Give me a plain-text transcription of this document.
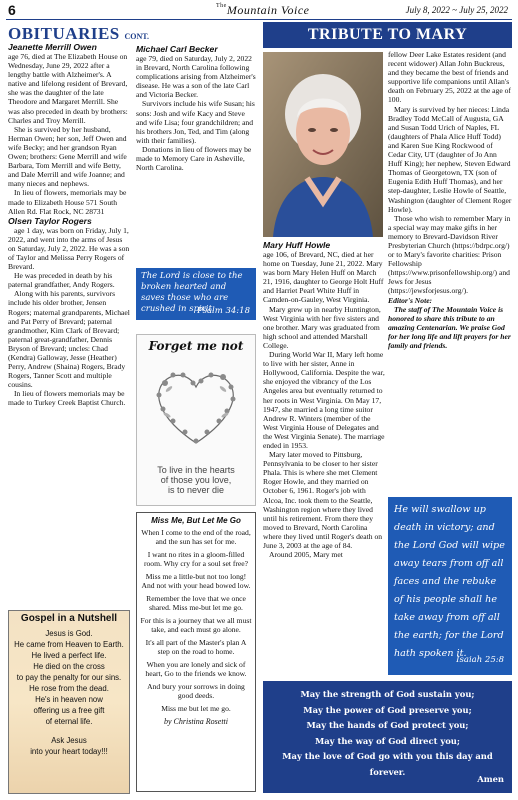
6	$^{The}$Mountain Voice	July 8, 2022 ~ July 25, 2022
OBITUARIES CONT.
Jeanette Merrill Owen

age 76, died at The Elizabeth House on Wednesday, June 29, 2022 after a lengthy battle with Alzheimer's. A native and lifelong resident of Brevard, she was the daughter of the late Theodore and Margaret Merrill. She was also preceded in death by brothers: Charles and Troy Merrill.

She is survived by her husband, Herman Owen; her son, Jeff Owen and wife Becky; and her grandson Ryan Owen; brothers: Gene Merrill and wife Barbara, Tom Merrill and wife Betty, and Dale Merrill and wife Joanne; and many nieces and nephews.

In lieu of flowers, memorials may be made to Elizabeth House 571 South Allen Rd. Flat Rock, NC 28731

Olsen Taylor Rogers

age 1 day, was born on Friday, July 1, 2022, and went into the arms of Jesus on Saturday, July 2, 2022. He was a son of Taylor and Melissa Perry Rogers of Brevard.

He was preceded in death by his paternal grandfather, Andy Rogers.

Along with his parents, survivors include his older brother, Jensen Rogers; maternal grandparents, Michael and Pat Perry of Brevard; paternal grandmother, Kim Clark of Brevard; paternal great-grandfather, Dennis Bryson of Brevard; uncles: Chad (Kendra) Galloway, Jesse (Heather) Perry, Andrew (Shaina) Rogers, Brady Rogers, Tanner Scott and multiple cousins.

In lieu of flowers memorials may be made to Turkey Creek Baptist Church.

Gospel in a Nutshell
Jesus is God.
He came from Heaven to Earth.
He lived a perfect life.
He died on the cross
to pay the penalty for our sins.
He rose from the dead.
He's in heaven now
offering us a free gift
of eternal life.
Ask Jesus
into your heart today!!!
Michael Carl Becker

age 79, died on Saturday, July 2, 2022 in Brevard, North Carolina following complications arising from Alzheimer's disease. He was a son of the late Carl and Victoria Becker.

Survivors include his wife Susan; his sons: Josh and wife Kacy and Steve and wife Lisa; four grandchildren; and his brothers Jon, Ted, and Tim (along with their families).

Donations in lieu of flowers may be made to Memory Care in Asheville, North Carolina.

The Lord is close to the broken hearted and saves those who are crushed in spirit.
Psalm 34:18
Forget me not
To live in the hearts
of those you love,
is to never die
Miss Me, But Let Me Go
When I come to the end of the road, and the sun has set for me.
I want no rites in a gloom-filled room. Why cry for a soul set free?
Miss me a little-but not too long! And not with your head bowed low.
Remember the love that we once shared. Miss me-but let me go.
For this is a journey that we all must take, and each must go alone.
It's all part of the Master's plan A step on the road to home.
When you are lonely and sick of heart, Go to the friends we know.
And bury your sorrows in doing good deeds.
Miss me but let me go.
by Christina Rosetti
TRIBUTE TO MARY
Mary Huff Howle

age 106, of Brevard, NC, died at her home on Tuesday, June 21, 2022. Mary was born Mary Helen Huff on March 21, 1916, daughter to George Holt Huff and Harriet Pearl White Huff in Camden-on-Gauley, West Virginia.

Mary grew up in nearby Huntington, West Virginia with her five sisters and one brother. Mary was graduated from high school and attended Marshall College.

During World War II, Mary left home to live with her sister, Anne in Hollywood, California. Despite the war, she enjoyed the vibrancy of the Los Angeles area but eventually returned to her roots in West Virginia. On May 17, 1947, she married a long time suitor Andrew R. Winters (member of the West Virginia House of Delegates and the West Virginia Senate). The marriage ended in 1953.

Mary later moved to Pittsburg, Pennsylvania to be closer to her sister Phala. This is where she met Clement Roger Howle, and they married on October 6, 1961. Roger's job with Alcoa, Inc. took them to the Seattle, Washington region where they lived until his retirement. From there they moved to Brevard, North Carolina where they lived until Roger's death on June 3, 2003 at the age of 84.

Around 2005, Mary met

fellow Deer Lake Estates resident (and recent widower) Allan John Buckreus, and they became the best of friends and supportive life companions until Allan's death on February 25, 2022 at the age of 100.

Mary is survived by her nieces: Linda Bradley Todd McCall of Augusta, GA and Susan Todd Urich of Naples, FL (daughters of Phala Alice Huff Todd) and Karen Sue King Rockwood of Cedar City, UT (daughter of Jo Ann Huff King); her nephew, Steven Edward Thomas of Georgetown, TX (son of Eugenia Edith Huff Thomas), and her step-daughter, Leslie Howle of Seattle, Washington (daughter of Clement Roger Howle).

Those who wish to remember Mary in a special way may make gifts in her memory to Brevard-Davidson River Presbyterian Church (https://bdrpc.org/) or to Mary's favorite charities: Prison Fellowship (https://www.prisonfellowship.org/) and Jews for Jesus (https://jewsforjesus.org/).

Editor's Note:
The staff of The Mountain Voice is honored to share this tribute to an amazing Centenarian. We praise God for her long life and lift prayers for her family and friends.
He will swallow up death in victory; and the Lord God will wipe away tears from off all faces and the rebuke of his people shall he take away from off all the earth; for the Lord hath spoken it.
Isaiah 25:8
May the strength of God sustain you;
May the power of God preserve you;
May the hands of God protect you;
May the way of God direct you;
May the love of God go with you this day and forever.
Amen
